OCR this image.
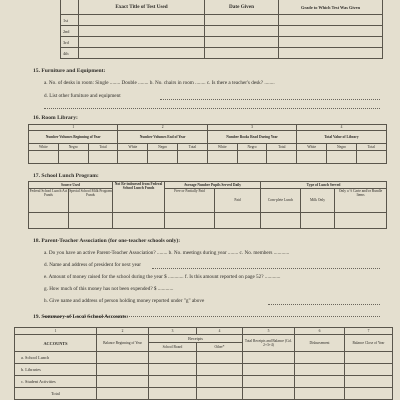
	Exact Title of Test Used	Date Given	Grade to Which Test Was Given
1st			
2nd			
3rd			
4th			
15. Furniture and Equipment:
a. No. of desks in room: Single ........ Double ........ b. No. chairs in room ........ c. Is there a teacher's desk? ........
d. List other furniture and equipment
16. Room Library:
1			2			3			4		
Number Volumes Beginning of Year			Number Volumes End of Year			Number Books Read During Year			Total Value of Library		
White	Negro	Total	White	Negro	Total	White	Negro	Total	White	Negro	Total

17. School Lunch Program:
Source Used		Not Re-imbursed from Federal School Lunch Funds	Average Number Pupils Served Daily		Type of Lunch Served		
Federal School Lunch Act Funds	Special School Milk Program Funds		Free or Partially Paid	Paid	Com-plete Lunch	Milk Only	Only a ½ Carte and/or Bundle Items

18. Parent-Teacher Association (for one-teacher schools only):
a. Do you have an active Parent-Teacher Association? ........ b. No. meetings during year ........ c. No. members ............
d. Name and address of president for next year
e. Amount of money raised for the school during the year $ ............ f. Is this amount reported on page 52? ............
g. How much of this money has not been expended? $ ............
h. Give name and address of person holding money reported under "g" above
19. Summary of Local School Accounts:
1	2	3	4	5	6	7
ACCOUNTS	Balance Beginning of Year	Receipts		Total Receipts and Balance (Col. 2+3+4)	Disbursement	Balance Close of Year
		School Board	Other*			
a. School Lunch						
b. Libraries						
c. Student Activities						
Total						
